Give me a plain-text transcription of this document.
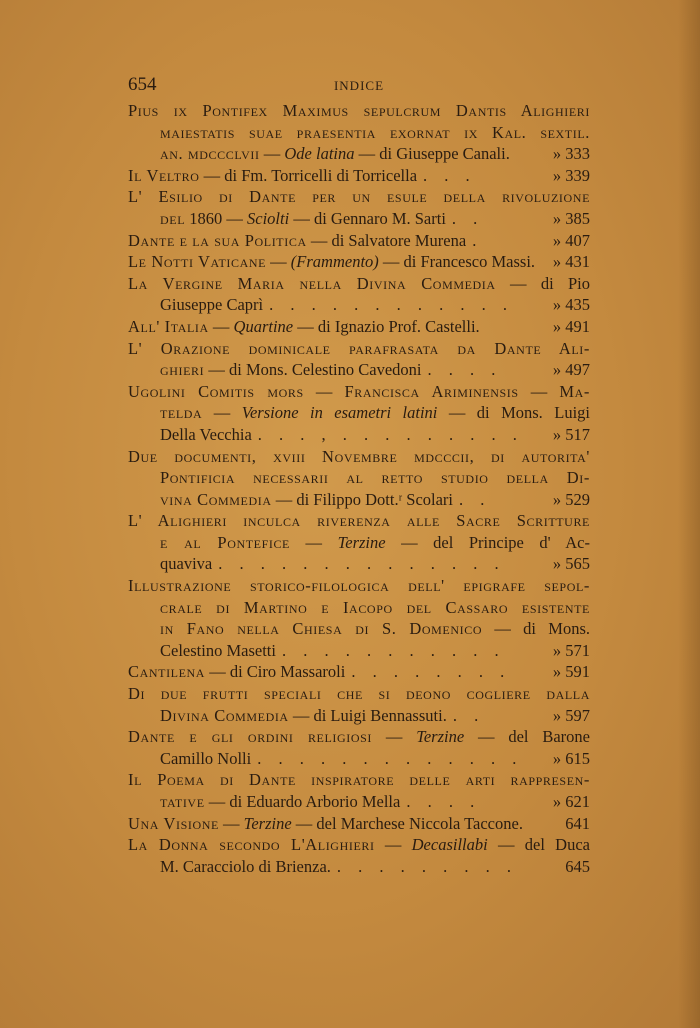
654	INDICE
Pius ix Pontifex Maximus sepulcrum Dantis Alighieri
maiestatis suae praesentia exornat ix Kal. sextil.
an. mdccclvii — Ode latina — di Giuseppe Canali.	» 333
Il Veltro — di Fm. Torricelli di Torricella . . .	» 339
L' Esilio di Dante per un esule della rivoluzione
del 1860 — Sciolti — di Gennaro M. Sarti . .	» 385
Dante e la sua Politica — di Salvatore Murena .	» 407
Le Notti Vaticane — (Frammento) — di Francesco Massi. » 431
La Vergine Maria nella Divina Commedia — di Pio
Giuseppe Caprì . . . . . . . . . . . .	» 435
All' Italia — Quartine — di Ignazio Prof. Castelli.	» 491
L' Orazione dominicale parafrasata da Dante Ali-
ghieri — di Mons. Celestino Cavedoni . . . .	» 497
Ugolini Comitis mors — Francisca Ariminensis — Ma-
telda — Versione in esametri latini — di Mons. Luigi
Della Vecchia . . . , . . . . . . . . .	» 517
Due documenti, xviii Novembre mdcccii, di autorita'
Pontificia necessarii al retto studio della Di-
vina Commedia — di Filippo Dott.ʳ Scolari . .	» 529
L' Alighieri inculca riverenza alle Sacre Scritture
e al Pontefice — Terzine — del Principe d' Ac-
quaviva . . . . . . . . . . . . . .	» 565
Illustrazione storico-filologica dell' epigrafe sepol-
crale di Martino e Iacopo del Cassaro esistente
in Fano nella Chiesa di S. Domenico — di Mons.
Celestino Masetti . . . . . . . . . . .	» 571
Cantilena — di Ciro Massaroli . . . . . . . .	» 591
Di due frutti speciali che si deono cogliere dalla
Divina Commedia — di Luigi Bennassuti. . .	» 597
Dante e gli ordini religiosi — Terzine — del Barone
Camillo Nolli . . . . . . . . . . . . .	» 615
Il Poema di Dante inspiratore delle arti rappresen-
tative — di Eduardo Arborio Mella . . . .	» 621
Una Visione — Terzine — del Marchese Niccola Taccone.	641
La Donna secondo L'Alighieri — Decasillabi — del Duca
M. Caracciolo di Brienza. . . . . . . . . .	645
